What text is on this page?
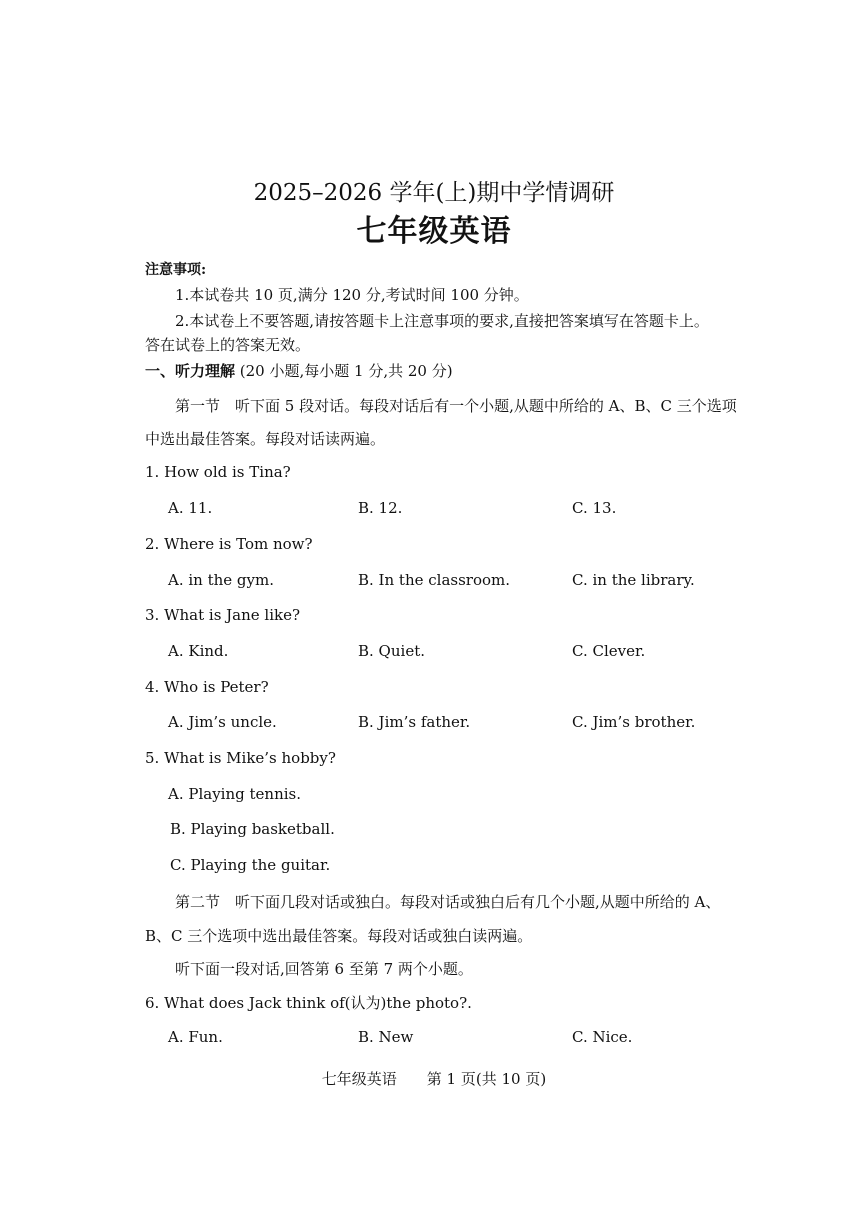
2025–2026 学年(上)期中学情调研
七年级英语
注意事项:
1.本试卷共 10 页,满分 120 分,考试时间 100 分钟。
2.本试卷上不要答题,请按答题卡上注意事项的要求,直接把答案填写在答题卡上。
答在试卷上的答案无效。
一、听力理解 (20 小题,每小题 1 分,共 20 分)
第一节　听下面 5 段对话。每段对话后有一个小题,从题中所给的 A、B、C 三个选项
中选出最佳答案。每段对话读两遍。
1. How old is Tina?
A. 11.	B. 12.	C. 13.
2. Where is Tom now?
A. in the gym.	B. In the classroom.	C. in the library.
3. What is Jane like?
A. Kind.	B. Quiet.	C. Clever.
4. Who is Peter?
A. Jim’s uncle.	B. Jim’s father.	C. Jim’s brother.
5. What is Mike’s hobby?
A. Playing tennis.
B. Playing basketball.
C. Playing the guitar.
第二节　听下面几段对话或独白。每段对话或独白后有几个小题,从题中所给的 A、
B、C 三个选项中选出最佳答案。每段对话或独白读两遍。
听下面一段对话,回答第 6 至第 7 两个小题。
6. What does Jack think of(认为)the photo?.
A. Fun.	B. New	C. Nice.
七年级英语　　第 1 页(共 10 页)
